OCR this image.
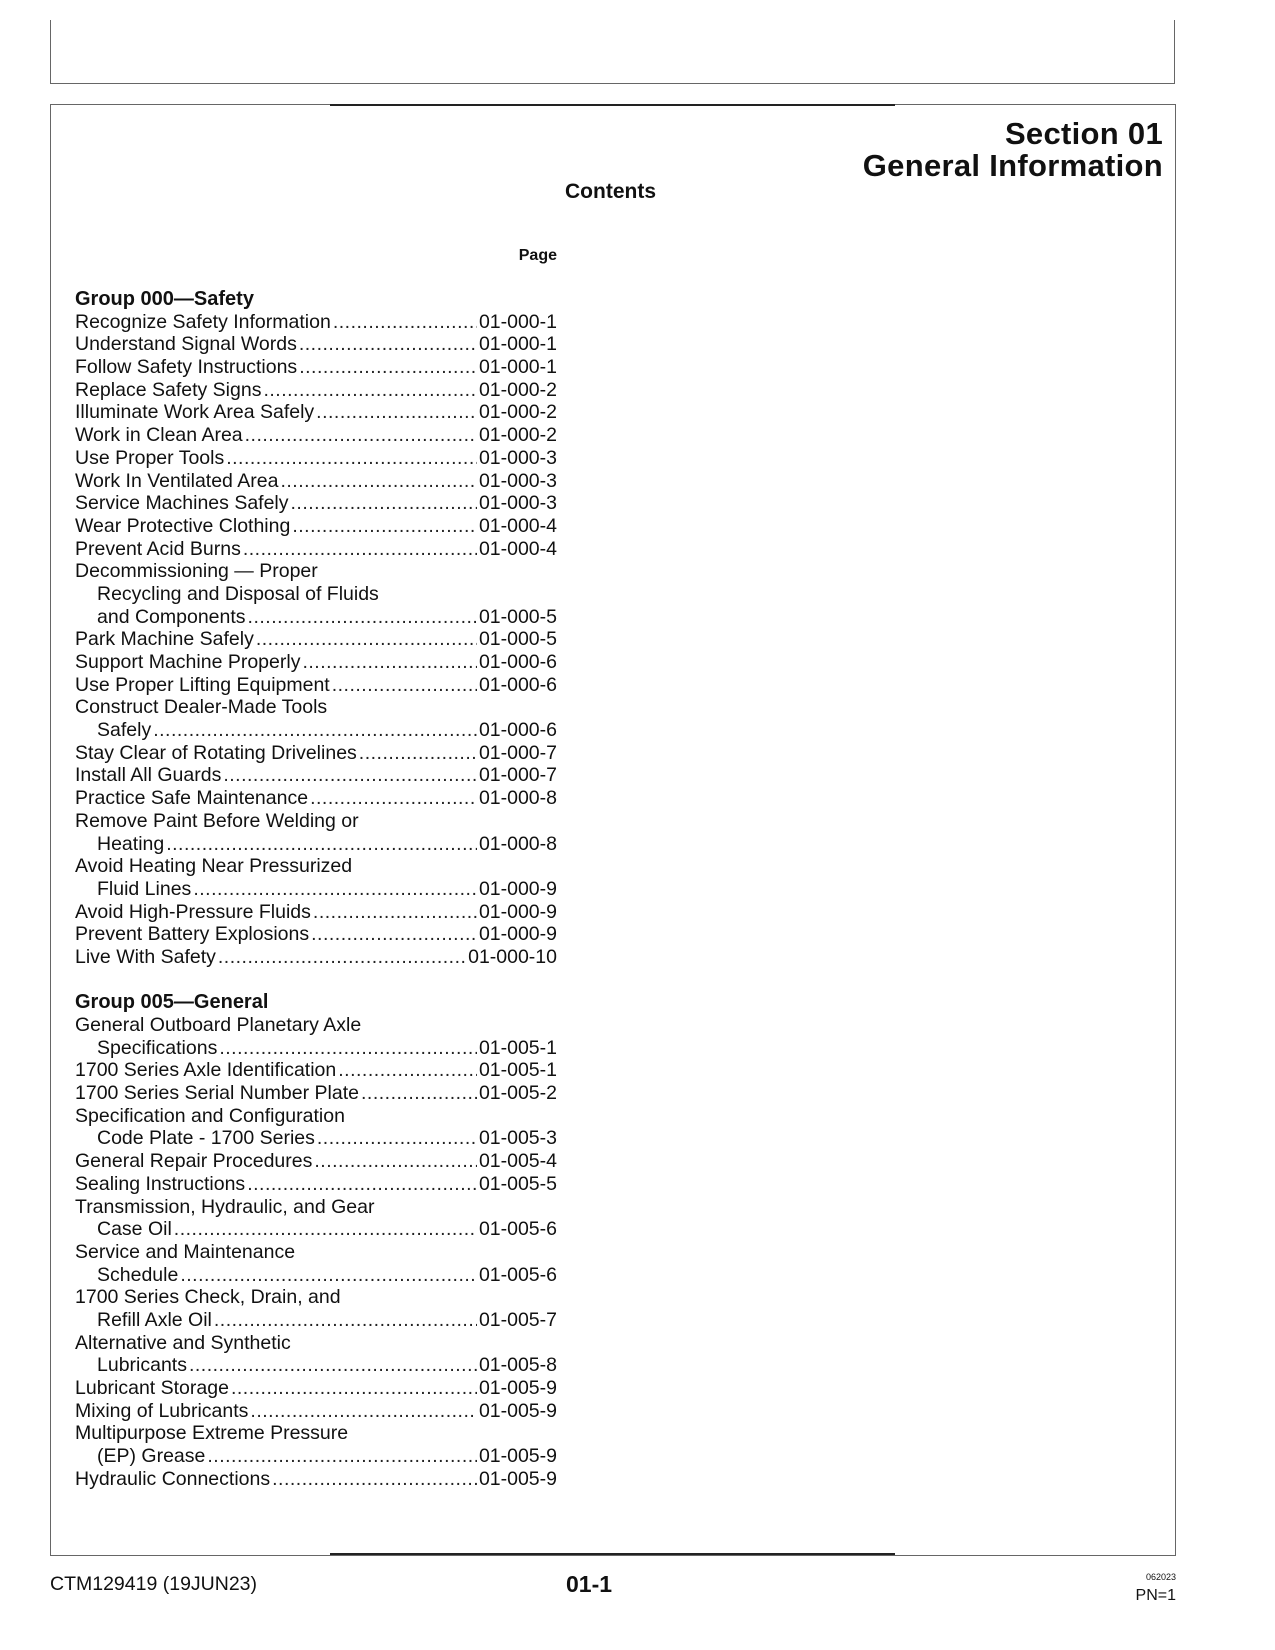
Section 01
General Information
Contents
Page
Group 000—Safety
Recognize Safety Information .....	01-000-1
Understand Signal Words .....	01-000-1
Follow Safety Instructions .....	01-000-1
Replace Safety Signs .....	01-000-2
Illuminate Work Area Safely .....	01-000-2
Work in Clean Area .....	01-000-2
Use Proper Tools .....	01-000-3
Work In Ventilated Area .....	01-000-3
Service Machines Safely .....	01-000-3
Wear Protective Clothing .....	01-000-4
Prevent Acid Burns .....	01-000-4
Decommissioning — Proper
Recycling and Disposal of Fluids
and Components .....	01-000-5
Park Machine Safely .....	01-000-5
Support Machine Properly .....	01-000-6
Use Proper Lifting Equipment .....	01-000-6
Construct Dealer-Made Tools
Safely .....	01-000-6
Stay Clear of Rotating Drivelines .....	01-000-7
Install All Guards .....	01-000-7
Practice Safe Maintenance .....	01-000-8
Remove Paint Before Welding or
Heating .....	01-000-8
Avoid Heating Near Pressurized
Fluid Lines .....	01-000-9
Avoid High-Pressure Fluids .....	01-000-9
Prevent Battery Explosions .....	01-000-9
Live With Safety .....	01-000-10
Group 005—General
General Outboard Planetary Axle
Specifications .....	01-005-1
1700 Series Axle Identification .....	01-005-1
1700 Series Serial Number Plate .....	01-005-2
Specification and Configuration
Code Plate - 1700 Series .....	01-005-3
General Repair Procedures .....	01-005-4
Sealing Instructions .....	01-005-5
Transmission, Hydraulic, and Gear
Case Oil .....	01-005-6
Service and Maintenance
Schedule .....	01-005-6
1700 Series Check, Drain, and
Refill Axle Oil .....	01-005-7
Alternative and Synthetic
Lubricants .....	01-005-8
Lubricant Storage .....	01-005-9
Mixing of Lubricants .....	01-005-9
Multipurpose Extreme Pressure
(EP) Grease .....	01-005-9
Hydraulic Connections .....	01-005-9
CTM129419 (19JUN23)	01-1	062023
PN=1
